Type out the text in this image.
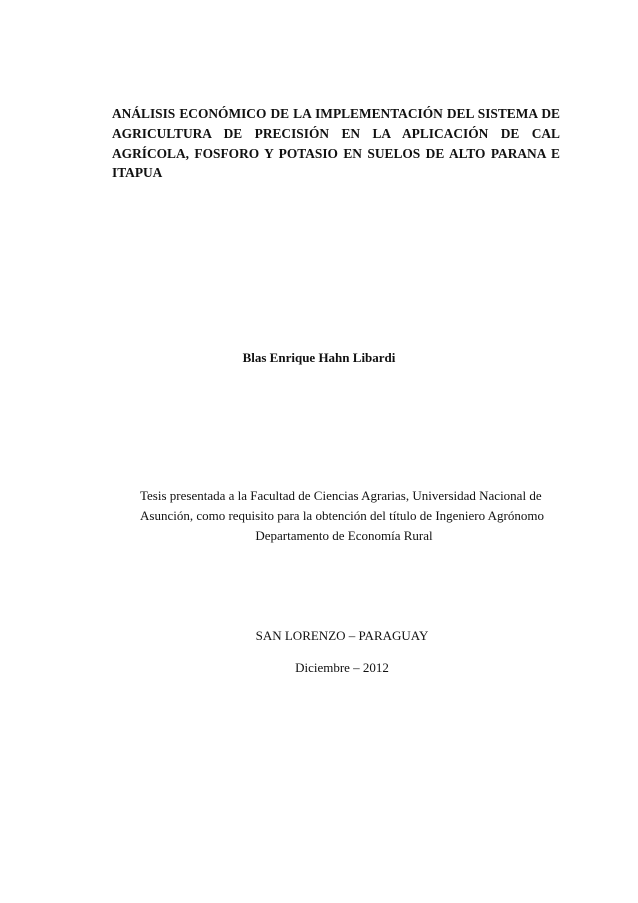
ANÁLISIS ECONÓMICO DE LA IMPLEMENTACIÓN DEL SISTEMA DE AGRICULTURA DE PRECISIÓN EN LA APLICACIÓN DE CAL AGRÍCOLA, FOSFORO Y POTASIO EN SUELOS DE ALTO PARANA E ITAPUA
Blas Enrique Hahn Libardi
Tesis presentada a la Facultad de Ciencias Agrarias, Universidad Nacional de
Asunción, como requisito para la obtención del título de Ingeniero Agrónomo
Departamento de Economía Rural
SAN LORENZO – PARAGUAY
Diciembre – 2012
